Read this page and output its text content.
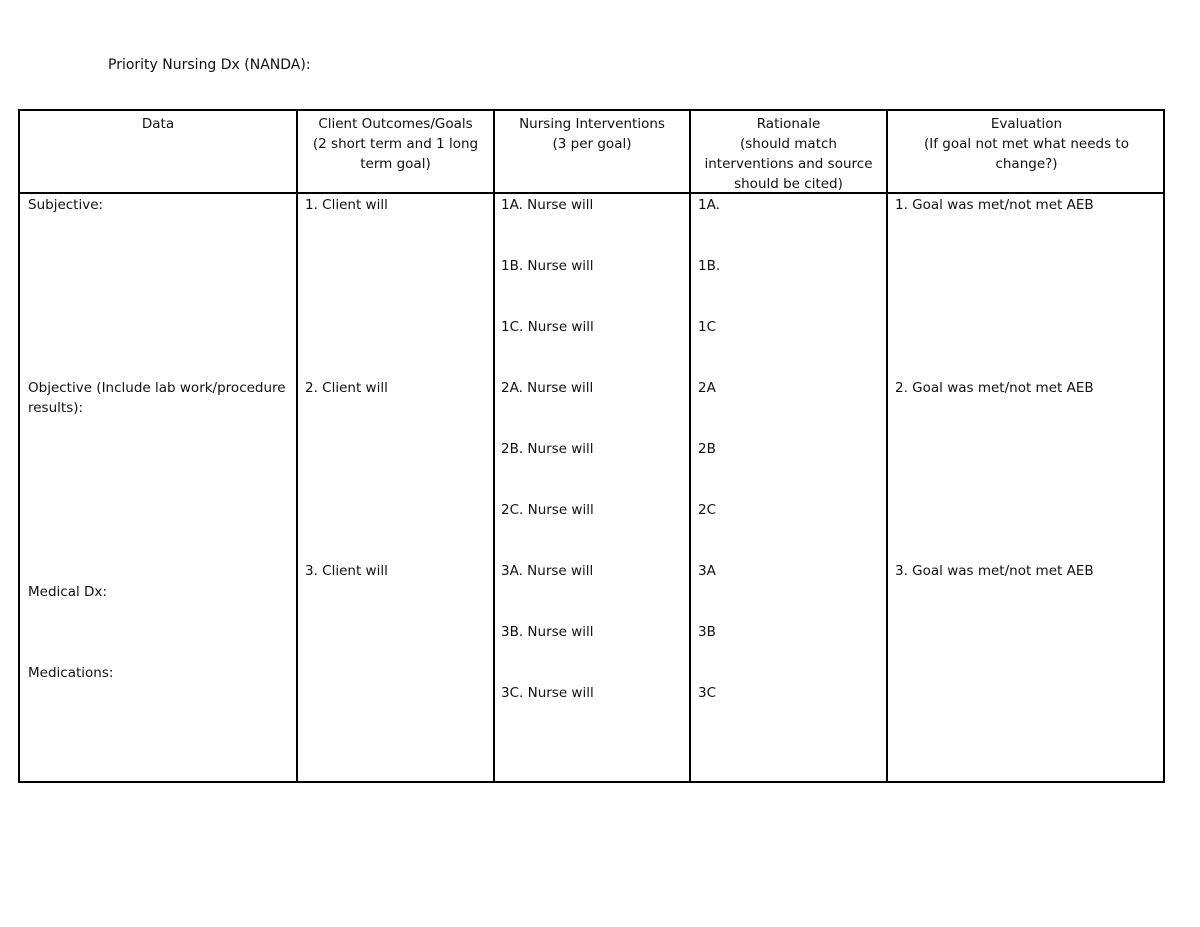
Priority Nursing Dx (NANDA):
Data	Client Outcomes/Goals
(2 short term and 1 long
term goal)
Nursing Interventions
(3 per goal)
Rationale
(should match
interventions and source
should be cited)
Evaluation
(If goal not met what needs to
change?)
Subjective:
Objective (Include lab work/procedure
results):
Medical Dx:
Medications:
1. Client will
2. Client will
3. Client will
1A. Nurse will
1B. Nurse will
1C. Nurse will
2A. Nurse will
2B. Nurse will
2C. Nurse will
3A. Nurse will
3B. Nurse will
3C. Nurse will
1A.
1B.
1C
2A
2B
2C
3A
3B
3C
1. Goal was met/not met AEB
2. Goal was met/not met AEB
3. Goal was met/not met AEB
